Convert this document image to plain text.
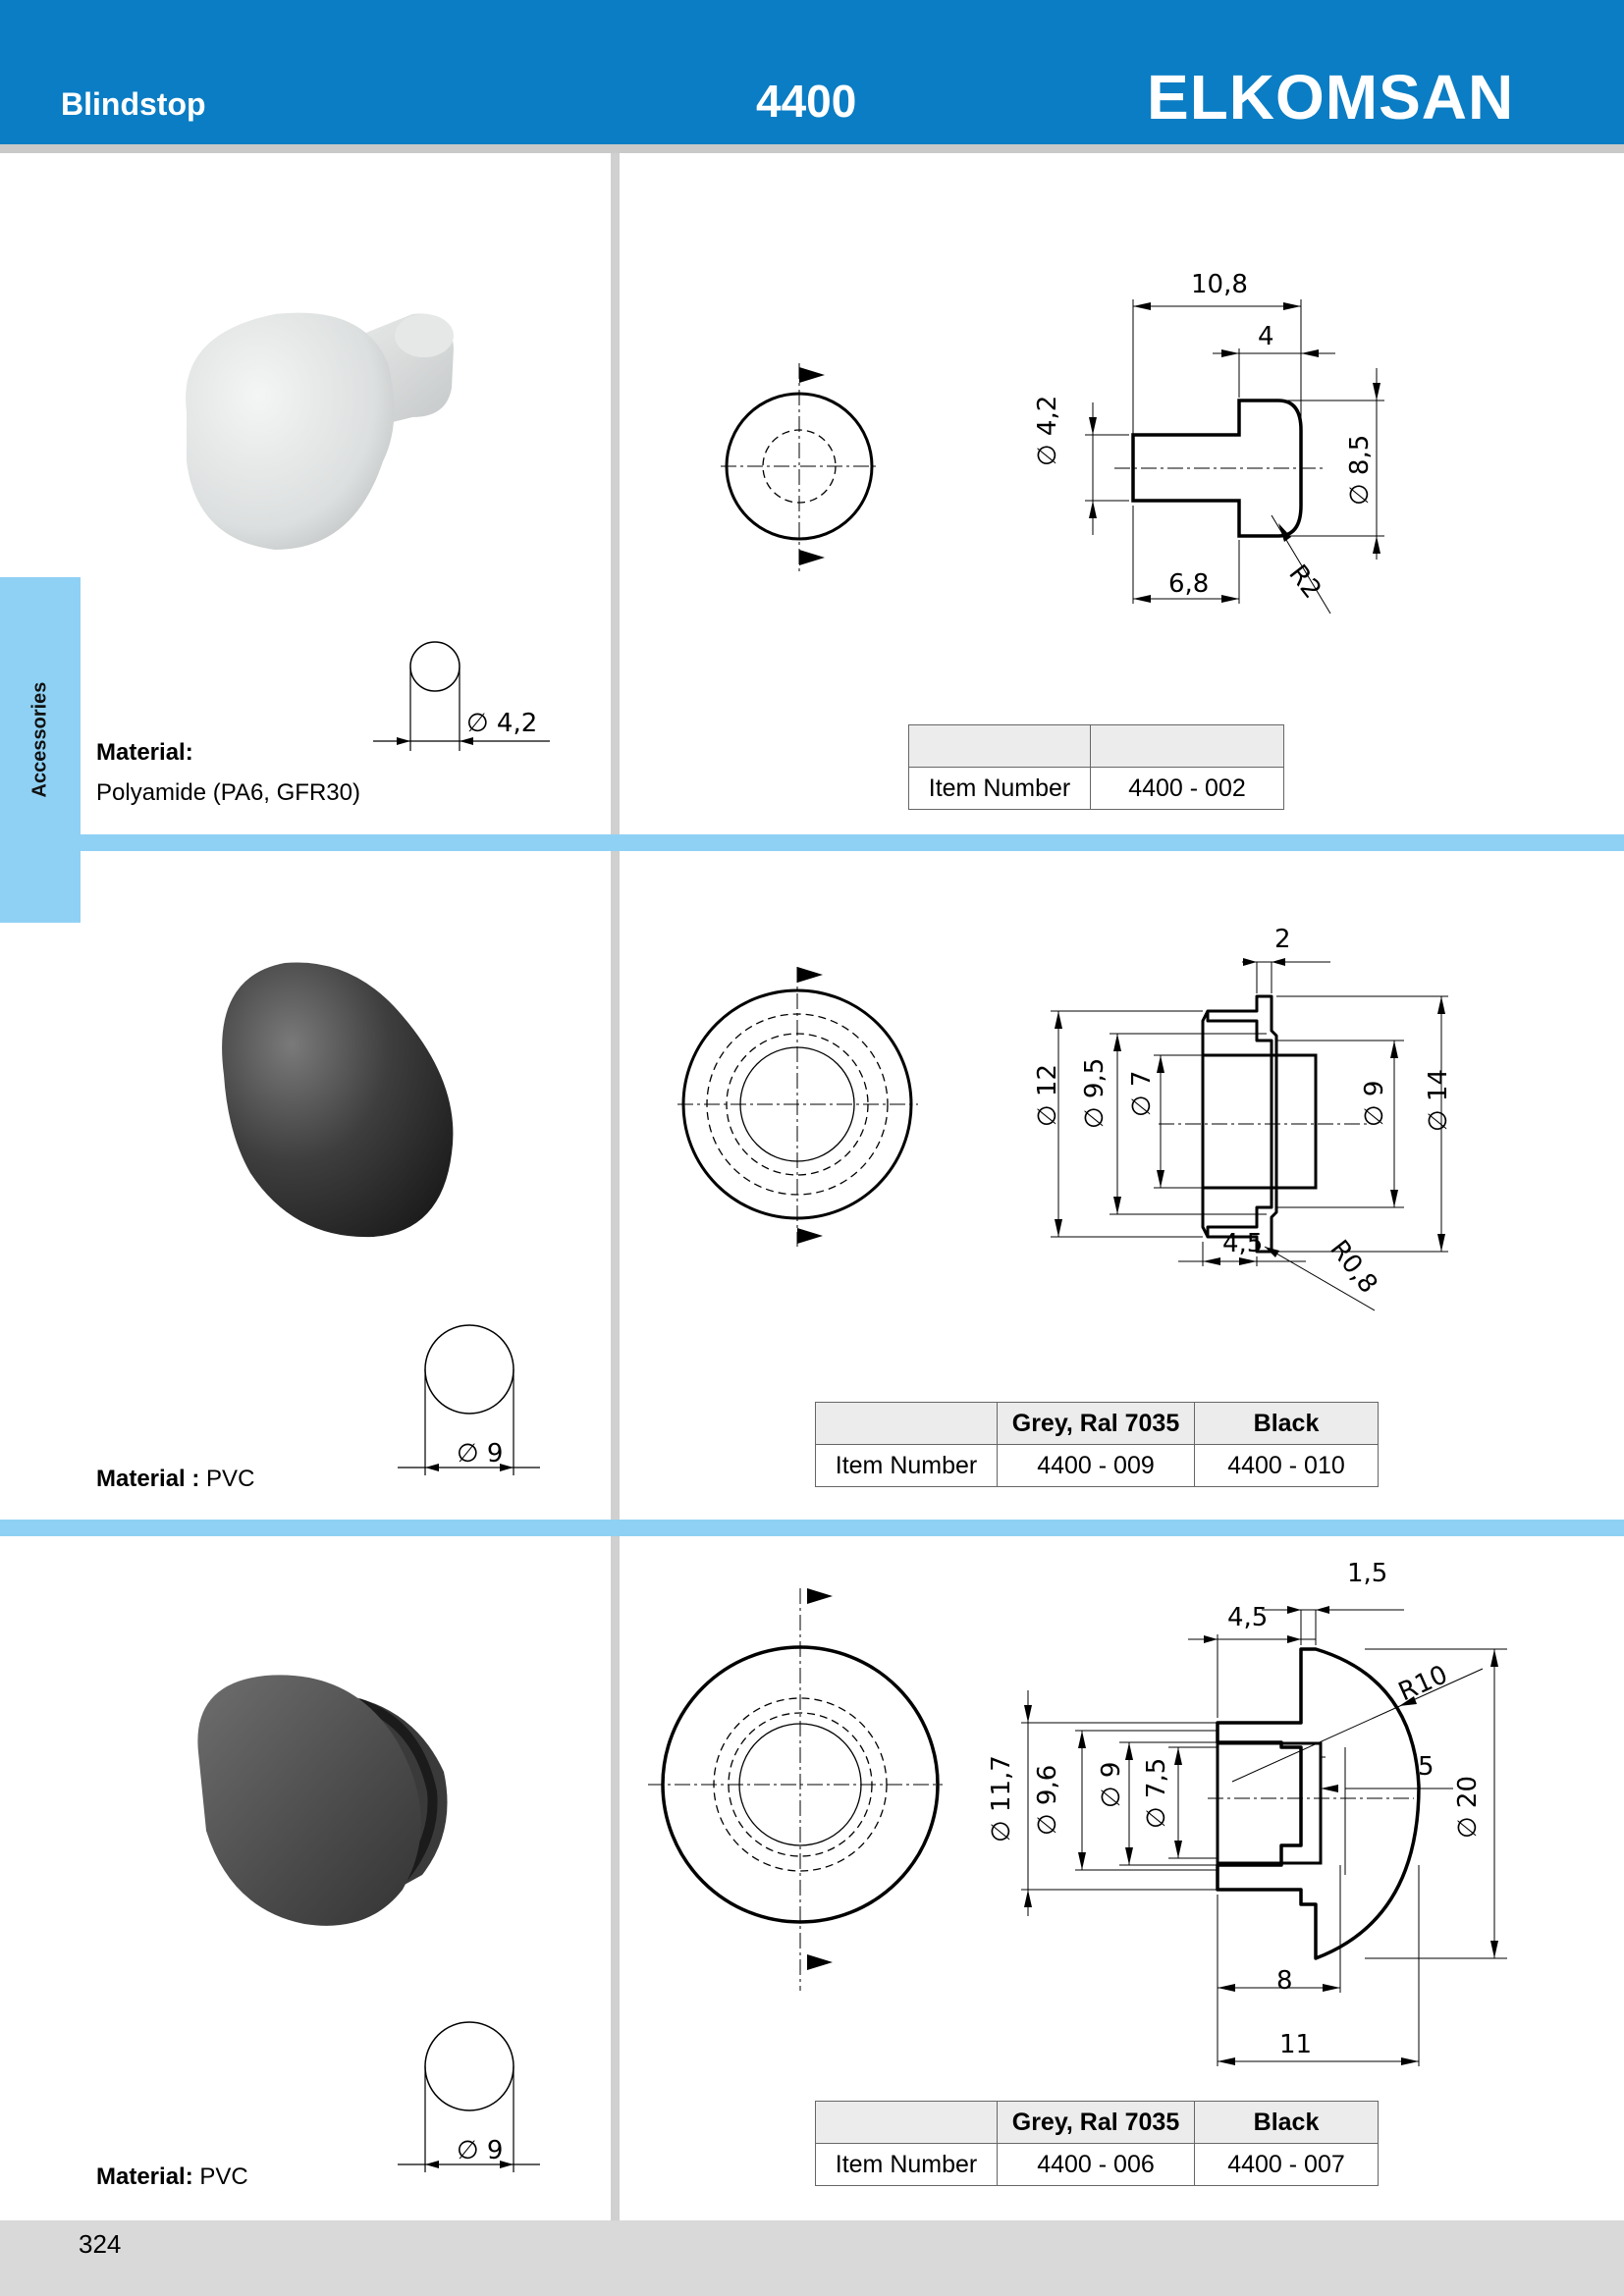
Blindstop	4400	ELKOMSAN
Accessories	∅ 4,2
Material:
Polyamide (PA6, GFR30)
10,8
4
∅ 4,2
∅ 8,5
6,8	R2

Item Number	4400 - 002
∅ 9
Material : PVC
2
∅ 12 ∅ 9,5 ∅ 7	∅ 9 ∅ 14
4,5 R0,8
	Grey, Ral 7035	Black
Item Number	4400 - 009	4400 - 010
∅ 9
Material: PVC
1,5
4,5
R10
5
∅ 11,7 ∅ 9,6 ∅ 9 ∅ 7,5	∅ 20
8
11
	Grey, Ral 7035	Black
Item Number	4400 - 006	4400 - 007
324
